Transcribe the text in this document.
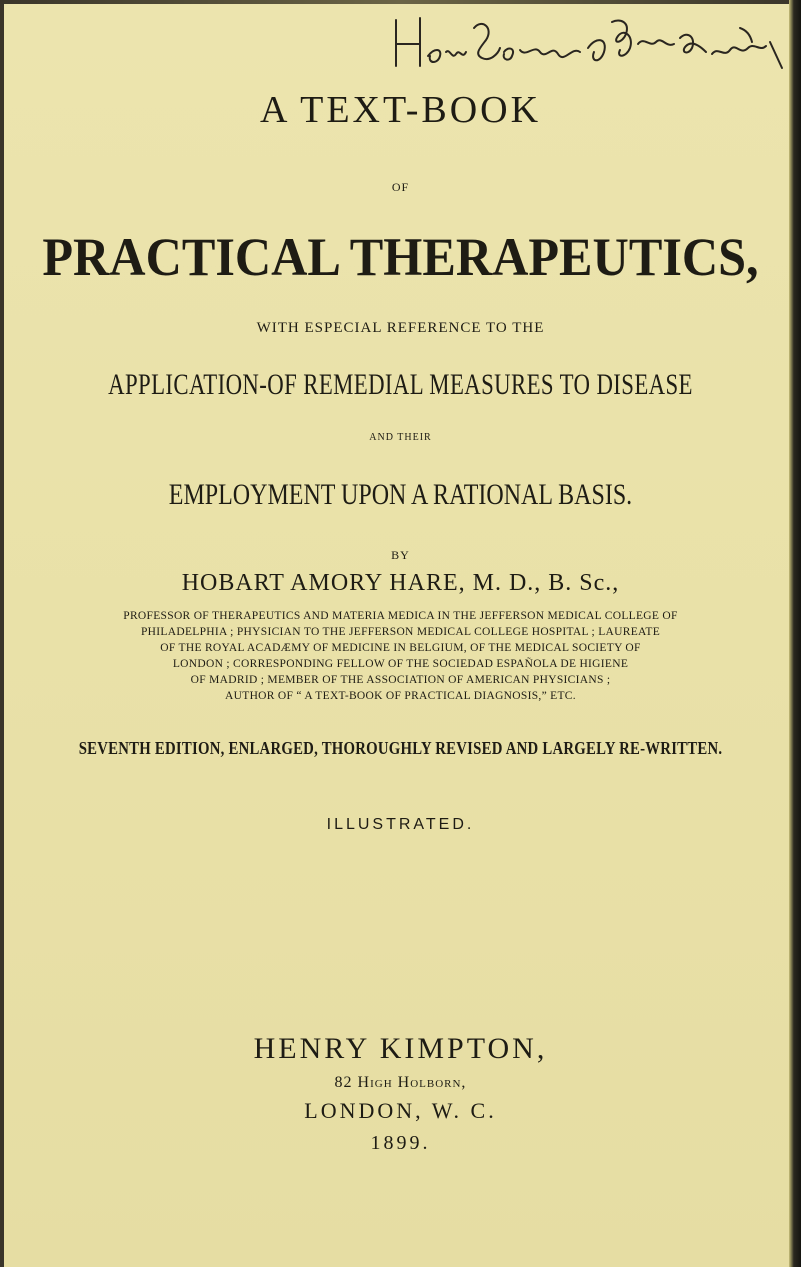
A TEXT-BOOK
OF
PRACTICAL THERAPEUTICS,
WITH ESPECIAL REFERENCE TO THE
APPLICATION-OF REMEDIAL MEASURES TO DISEASE
AND THEIR
EMPLOYMENT UPON A RATIONAL BASIS.
BY
HOBART AMORY HARE, M. D., B. Sc.,
PROFESSOR OF THERAPEUTICS AND MATERIA MEDICA IN THE JEFFERSON MEDICAL COLLEGE OF
PHILADELPHIA ; PHYSICIAN TO THE JEFFERSON MEDICAL COLLEGE HOSPITAL ; LAUREATE
OF THE ROYAL ACADÆMY OF MEDICINE IN BELGIUM, OF THE MEDICAL SOCIETY OF
LONDON ; CORRESPONDING FELLOW OF THE SOCIEDAD ESPAÑOLA DE HIGIENE
OF MADRID ; MEMBER OF THE ASSOCIATION OF AMERICAN PHYSICIANS ;
AUTHOR OF “ A TEXT-BOOK OF PRACTICAL DIAGNOSIS,” ETC.
SEVENTH EDITION, ENLARGED, THOROUGHLY REVISED AND LARGELY RE-WRITTEN.
ILLUSTRATED.
HENRY KIMPTON,
82 High Holborn,
LONDON, W. C.
1899.
